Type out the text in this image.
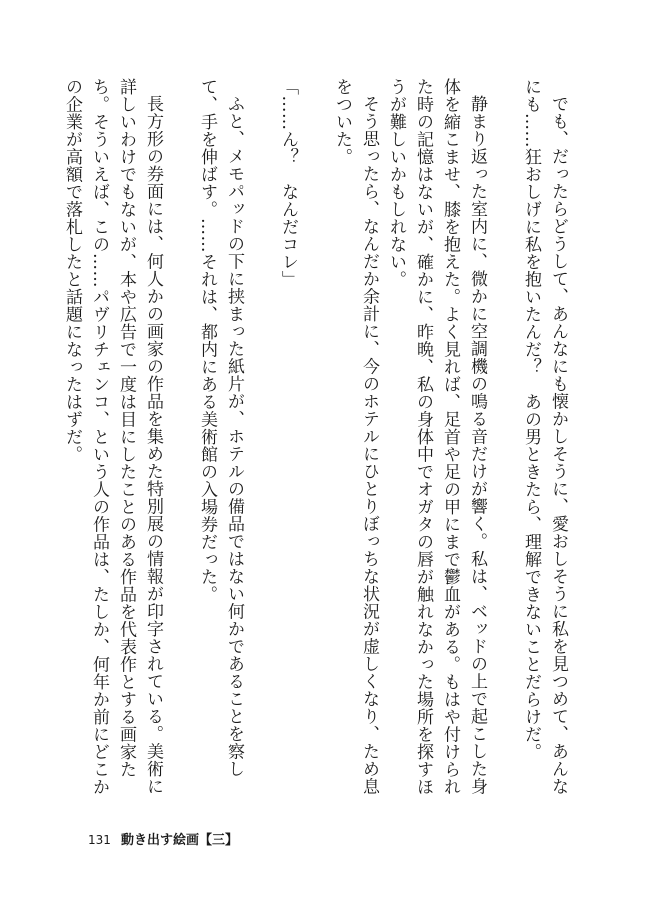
でも、だったらどうして、あんなにも懐かしそうに、愛おしそうに私を見つめて、あんなにも……狂おしげに私を抱いたんだ？　あの男ときたら、理解できないことだらけだ。

静まり返った室内に、微かに空調機の鳴る音だけが響く。私は、ベッドの上で起こした身体を縮こませ、膝を抱えた。よく見れば、足首や足の甲にまで鬱血がある。もはや付けられた時の記憶はないが、確かに、昨晩、私の身体中でオガタの唇が触れなかった場所を探すほうが難しいかもしれない。

そう思ったら、なんだか余計に、今のホテルにひとりぼっちな状況が虚しくなり、ため息をついた。

「……ん？　なんだコレ」

ふと、メモパッドの下に挟まった紙片が、ホテルの備品ではない何かであることを察して、手を伸ばす。……それは、都内にある美術館の入場券だった。

長方形の券面には、何人かの画家の作品を集めた特別展の情報が印字されている。美術に詳しいわけでもないが、本や広告で一度は目にしたことのある作品を代表作とする画家たち。そういえば、この……パヴリチェンコ、という人の作品は、たしか、何年か前にどこかの企業が高額で落札したと話題になったはずだ。

131 動き出す絵画【三】
